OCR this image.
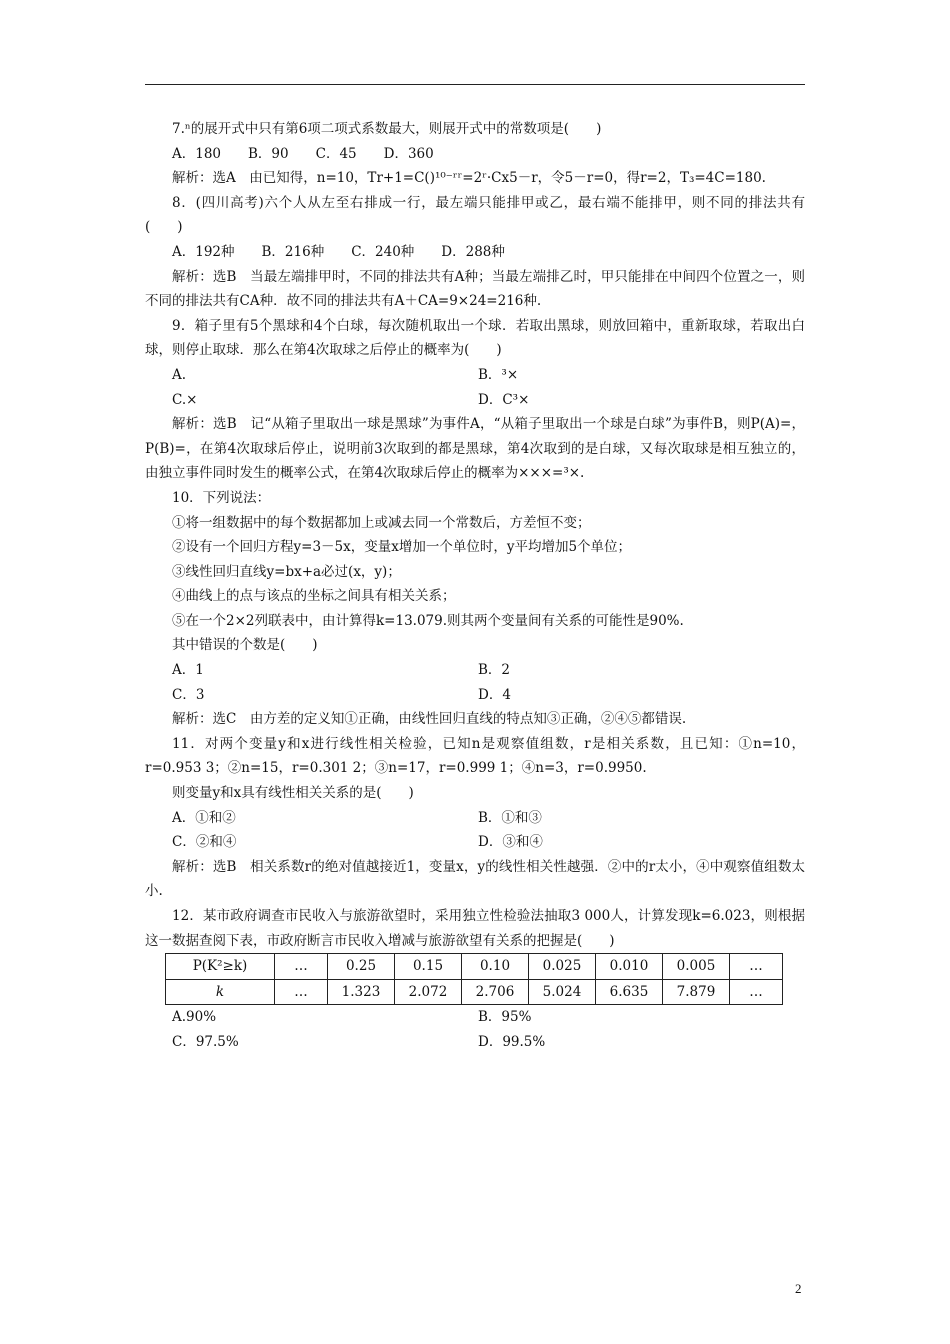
7.ⁿ的展开式中只有第6项二项式系数最大，则展开式中的常数项是(　　)

A．180　　B．90　　C．45　　D．360

解析：选A　由已知得，n=10，Tr+1=C()¹⁰⁻ʳʳ=2ʳ·Cx5－r，令5－r=0，得r=2，T₃=4C=180.

8．(四川高考)六个人从左至右排成一行，最左端只能排甲或乙，最右端不能排甲，则不同的排法共有(　　)

A．192种　　B．216种　　C．240种　　D．288种

解析：选B　当最左端排甲时，不同的排法共有A种；当最左端排乙时，甲只能排在中间四个位置之一，则不同的排法共有CA种．故不同的排法共有A＋CA=9×24=216种.

9．箱子里有5个黑球和4个白球，每次随机取出一个球．若取出黑球，则放回箱中，重新取球，若取出白球，则停止取球．那么在第4次取球之后停止的概率为(　　)

A.	B．³×
C.×	D．C³×

解析：选B　记“从箱子里取出一球是黑球”为事件A，“从箱子里取出一个球是白球”为事件B，则P(A)=，P(B)=，在第4次取球后停止，说明前3次取到的都是黑球，第4次取到的是白球，又每次取球是相互独立的，由独立事件同时发生的概率公式，在第4次取球后停止的概率为×××=³×.

10．下列说法：

①将一组数据中的每个数据都加上或减去同一个常数后，方差恒不变；

②设有一个回归方程y=3－5x，变量x增加一个单位时，y平均增加5个单位；

③线性回归直线y=bx+a必过(x，y)；

④曲线上的点与该点的坐标之间具有相关关系；

⑤在一个2×2列联表中，由计算得k=13.079.则其两个变量间有关系的可能性是90%.

其中错误的个数是(　　)

A．1	B．2
C．3	D．4

解析：选C　由方差的定义知①正确，由线性回归直线的特点知③正确，②④⑤都错误.

11．对两个变量y和x进行线性相关检验，已知n是观察值组数，r是相关系数，且已知：①n=10，r=0.953 3；②n=15，r=0.301 2；③n=17，r=0.999 1；④n=3，r=0.9950.

则变量y和x具有线性相关关系的是(　　)

A．①和②	B．①和③
C．②和④	D．③和④

解析：选B　相关系数r的绝对值越接近1，变量x，y的线性相关性越强．②中的r太小，④中观察值组数太小.

12．某市政府调查市民收入与旅游欲望时，采用独立性检验法抽取3 000人，计算发现k=6.023，则根据这一数据查阅下表，市政府断言市民收入增减与旅游欲望有关系的把握是(　　)

P(K²≥k)	…	0.25	0.15	0.10	0.025	0.010	0.005	…
k	…	1.323	2.072	2.706	5.024	6.635	7.879	…
A.90%	B．95%
C．97.5%	D．99.5%
2
